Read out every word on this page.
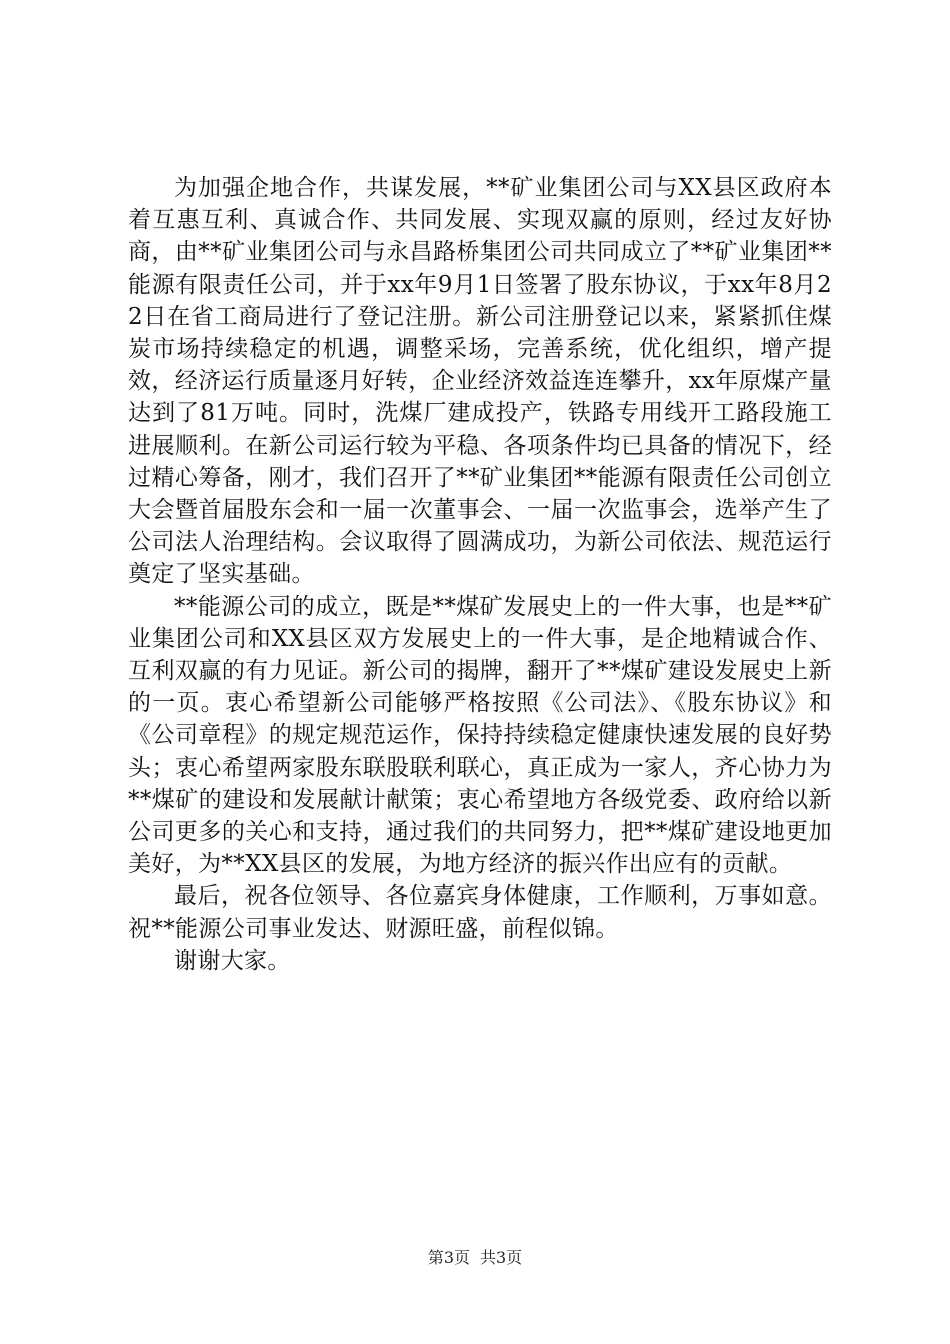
为加强企地合作，共谋发展，**矿业集团公司与XX县区政府本着互惠互利、真诚合作、共同发展、实现双赢的原则，经过友好协商，由**矿业集团公司与永昌路桥集团公司共同成立了**矿业集团**能源有限责任公司，并于xx年9月1日签署了股东协议，于xx年8月22日在省工商局进行了登记注册。新公司注册登记以来，紧紧抓住煤炭市场持续稳定的机遇，调整采场，完善系统，优化组织，增产提效，经济运行质量逐月好转，企业经济效益连连攀升，xx年原煤产量达到了81万吨。同时，洗煤厂建成投产，铁路专用线开工路段施工进展顺利。在新公司运行较为平稳、各项条件均已具备的情况下，经过精心筹备，刚才，我们召开了**矿业集团**能源有限责任公司创立大会暨首届股东会和一届一次董事会、一届一次监事会，选举产生了公司法人治理结构。会议取得了圆满成功，为新公司依法、规范运行奠定了坚实基础。

**能源公司的成立，既是**煤矿发展史上的一件大事，也是**矿业集团公司和XX县区双方发展史上的一件大事，是企地精诚合作、互利双赢的有力见证。新公司的揭牌，翻开了**煤矿建设发展史上新的一页。衷心希望新公司能够严格按照《公司法》、《股东协议》和《公司章程》的规定规范运作，保持持续稳定健康快速发展的良好势头；衷心希望两家股东联股联利联心，真正成为一家人，齐心协力为**煤矿的建设和发展献计献策；衷心希望地方各级党委、政府给以新公司更多的关心和支持，通过我们的共同努力，把**煤矿建设地更加美好，为**XX县区的发展，为地方经济的振兴作出应有的贡献。

最后，祝各位领导、各位嘉宾身体健康，工作顺利，万事如意。祝**能源公司事业发达、财源旺盛，前程似锦。

谢谢大家。

第3页 共3页
